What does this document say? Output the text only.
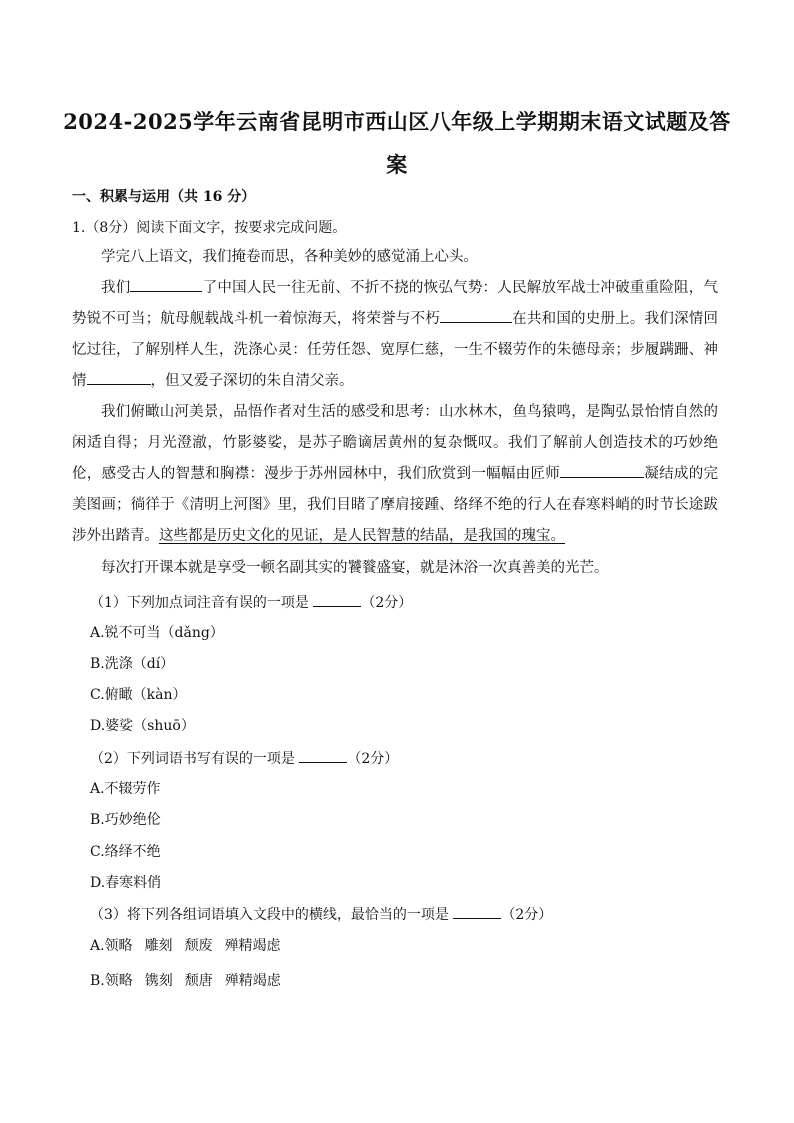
2024-2025学年云南省昆明市西山区八年级上学期期末语文试题及答案
一、积累与运用（共 16 分）
1.（8分）阅读下面文字，按要求完成问题。
学完八上语文，我们掩卷而思，各种美妙的感觉涌上心头。
我们	了中国人民一往无前、不折不挠的恢弘气势：人民解放军战士冲破重重险阻，气势锐不可当；航母舰载战斗机一着惊海天，将荣誉与不朽	在共和国的史册上。我们深情回忆过往，了解别样人生，洗涤心灵：任劳任怨、宽厚仁慈，一生不辍劳作的朱德母亲；步履蹒跚、神情	，但又爱子深切的朱自清父亲。
我们俯瞰山河美景，品悟作者对生活的感受和思考：山水林木，鱼鸟猿鸣，是陶弘景怡情自然的闲适自得；月光澄澈，竹影婆娑，是苏子瞻谪居黄州的复杂慨叹。我们了解前人创造技术的巧妙绝伦，感受古人的智慧和胸襟：漫步于苏州园林中，我们欣赏到一幅幅由匠师	凝结成的完美图画；徜徉于《清明上河图》里，我们目睹了摩肩接踵、络绎不绝的行人在春寒料峭的时节长途跋涉外出踏青。这些都是历史文化的见证，是人民智慧的结晶，是我国的瑰宝。
每次打开课本就是享受一顿名副其实的饕餮盛宴，就是沐浴一次真善美的光芒。
（1）下列加点词注音有误的一项是	（2分）
A.锐不可当（dǎng）
B.洗涤（dí）
C.俯瞰（kàn）
D.婆娑（shuō）
（2）下列词语书写有误的一项是	（2分）
A.不辍劳作
B.巧妙绝伦
C.络绎不绝
D.春寒料俏
（3）将下列各组词语填入文段中的横线，最恰当的一项是	（2分）
A.领略 雕刻 颓废 殚精竭虑
B.领略 镌刻 颓唐 殚精竭虑
